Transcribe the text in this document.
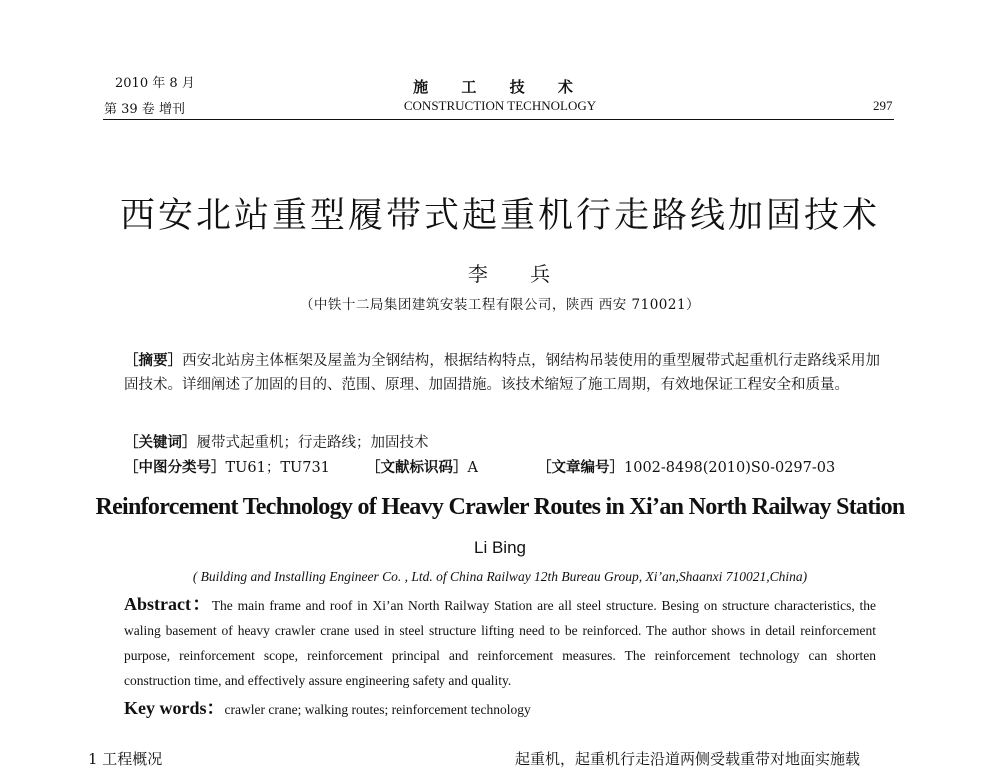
2010 年 8 月
第 39 卷 增刊
施 工 技 术
CONSTRUCTION TECHNOLOGY	297
西安北站重型履带式起重机行走路线加固技术
李 兵
（中铁十二局集团建筑安装工程有限公司，陕西 西安 710021）
［摘要］西安北站房主体框架及屋盖为全钢结构，根据结构特点，钢结构吊装使用的重型履带式起重机行走路线采用加固技术。详细阐述了加固的目的、范围、原理、加固措施。该技术缩短了施工周期，有效地保证工程安全和质量。
［关键词］履带式起重机；行走路线；加固技术
［中图分类号］TU61；TU731 ［文献标识码］A	［文章编号］1002-8498(2010)S0-0297-03
Reinforcement Technology of Heavy Crawler Routes in Xi’an North Railway Station
Li Bing
( Building and Installing Engineer Co. , Ltd. of China Railway 12th Bureau Group, Xi’an,Shaanxi 710021,China)
Abstract：The main frame and roof in Xi’an North Railway Station are all steel structure. Besing on structure characteristics, the waling basement of heavy crawler crane used in steel structure lifting need to be reinforced. The author shows in detail reinforcement purpose, reinforcement scope, reinforcement principal and reinforcement measures. The reinforcement technology can shorten construction time, and effectively assure engineering safety and quality.
Key words：crawler crane; walking routes; reinforcement technology
1 工程概况	起重机，起重机行走沿道两侧受载重带对地面实施载
